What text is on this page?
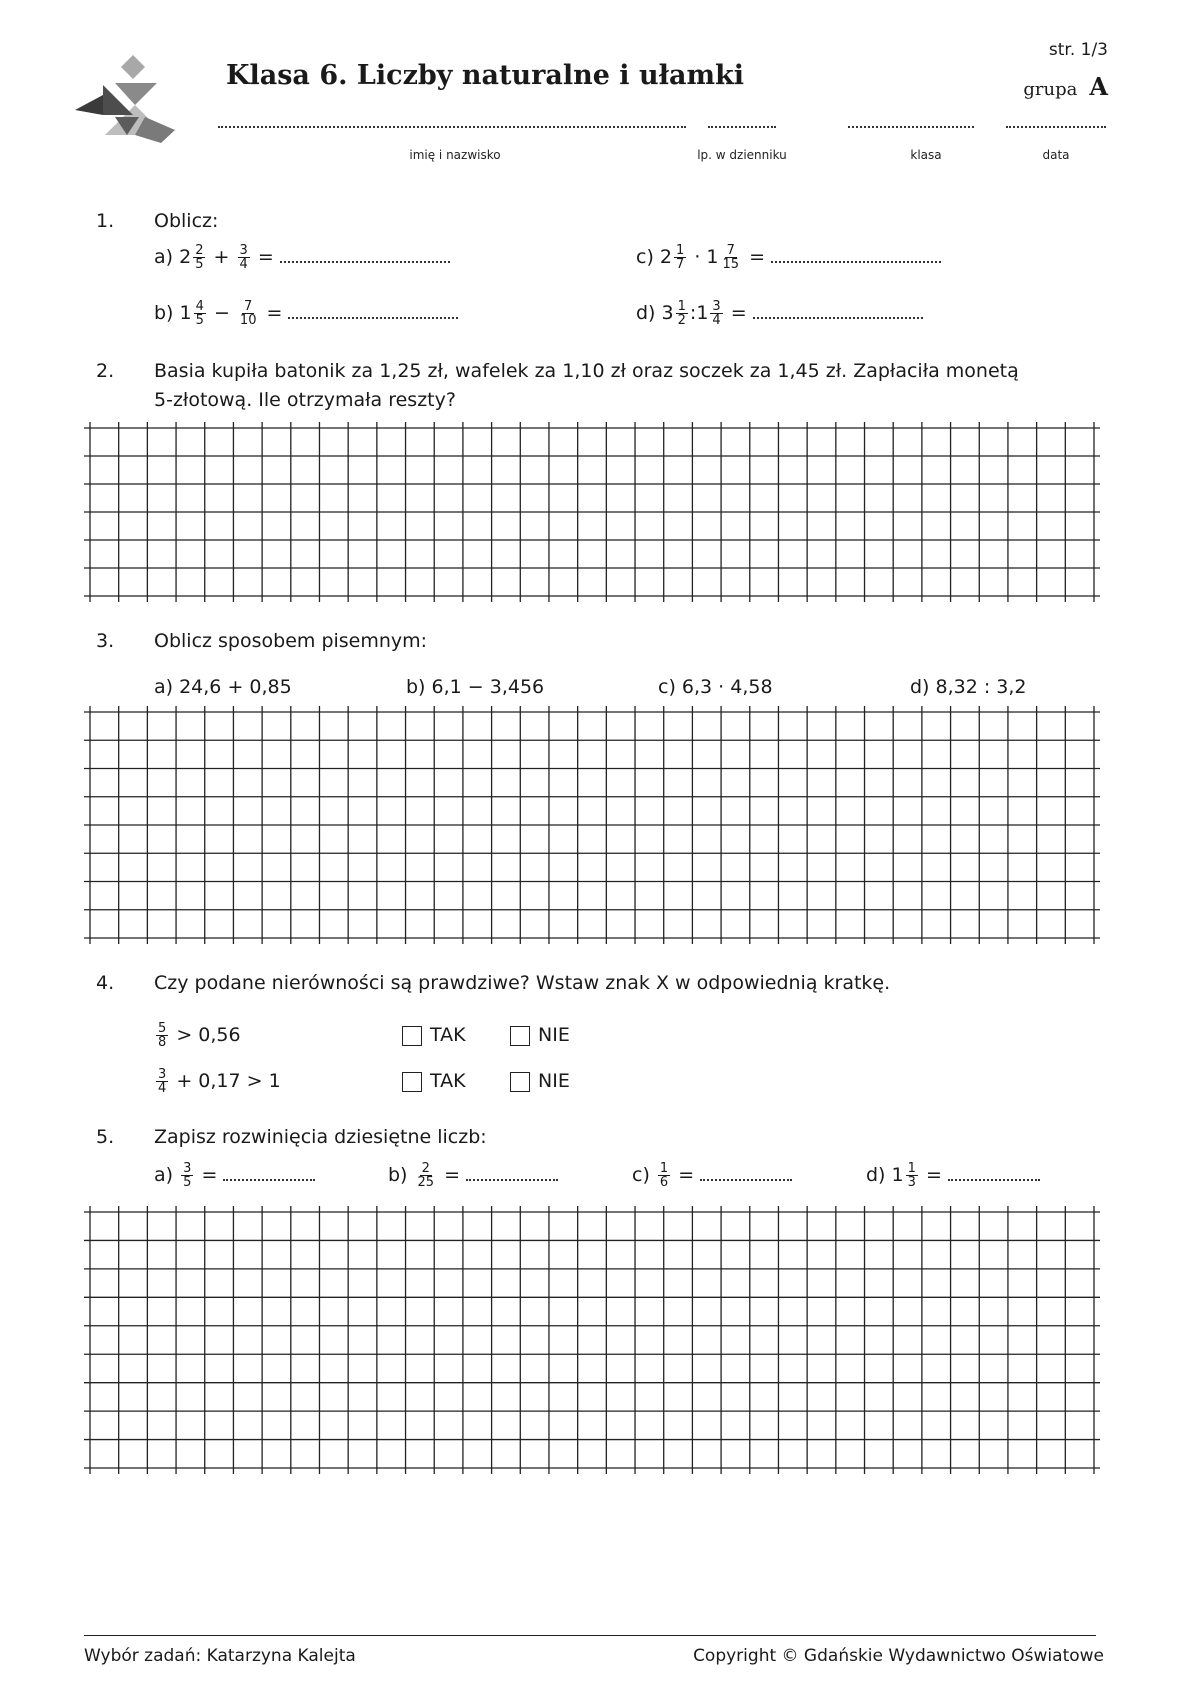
Klasa 6. Liczby naturalne i ułamki
str. 1/3
grupa A
imię i nazwisko	lp. w dzienniku	klasa	data
1. Oblicz:
a) $2 \frac{2}{5} + \frac{3}{4}$ =
b) $1 \frac{4}{5} - \frac{7}{10}$ =
c) $2 \frac{1}{7} \cdot 1 \frac{7}{15}$ =
d) $3 \frac{1}{2}$ :1 $\frac{3}{4}$ =
2. Basia kupiła batonik za 1,25 zł, wafelek za 1,10 zł oraz soczek za 1,45 zł. Zapłaciła monetą
5-złotową. Ile otrzymała reszty?
3. Oblicz sposobem pisemnym:
a) 24,6 + 0,85	b) 6,1 − 3,456	c) 6,3 · 4,58	d) 8,32 : 3,2
4. Czy podane nierówności są prawdziwe? Wstaw znak X w odpowiednią kratkę.
$\frac{5}{8} > 0,56$	TAK	NIE
$\frac{3}{4} + 0,17 > 1$	TAK	NIE
5. Zapisz rozwinięcia dziesiętne liczb:
$a) \frac{3}{5}$ =	$b) \frac{2}{25}$ =	$c) \frac{1}{6}$ =	d) $1 \frac{1}{3}$ =
Wybór zadań: Katarzyna Kalejta	Copyright © Gdańskie Wydawnictwo Oświatowe
